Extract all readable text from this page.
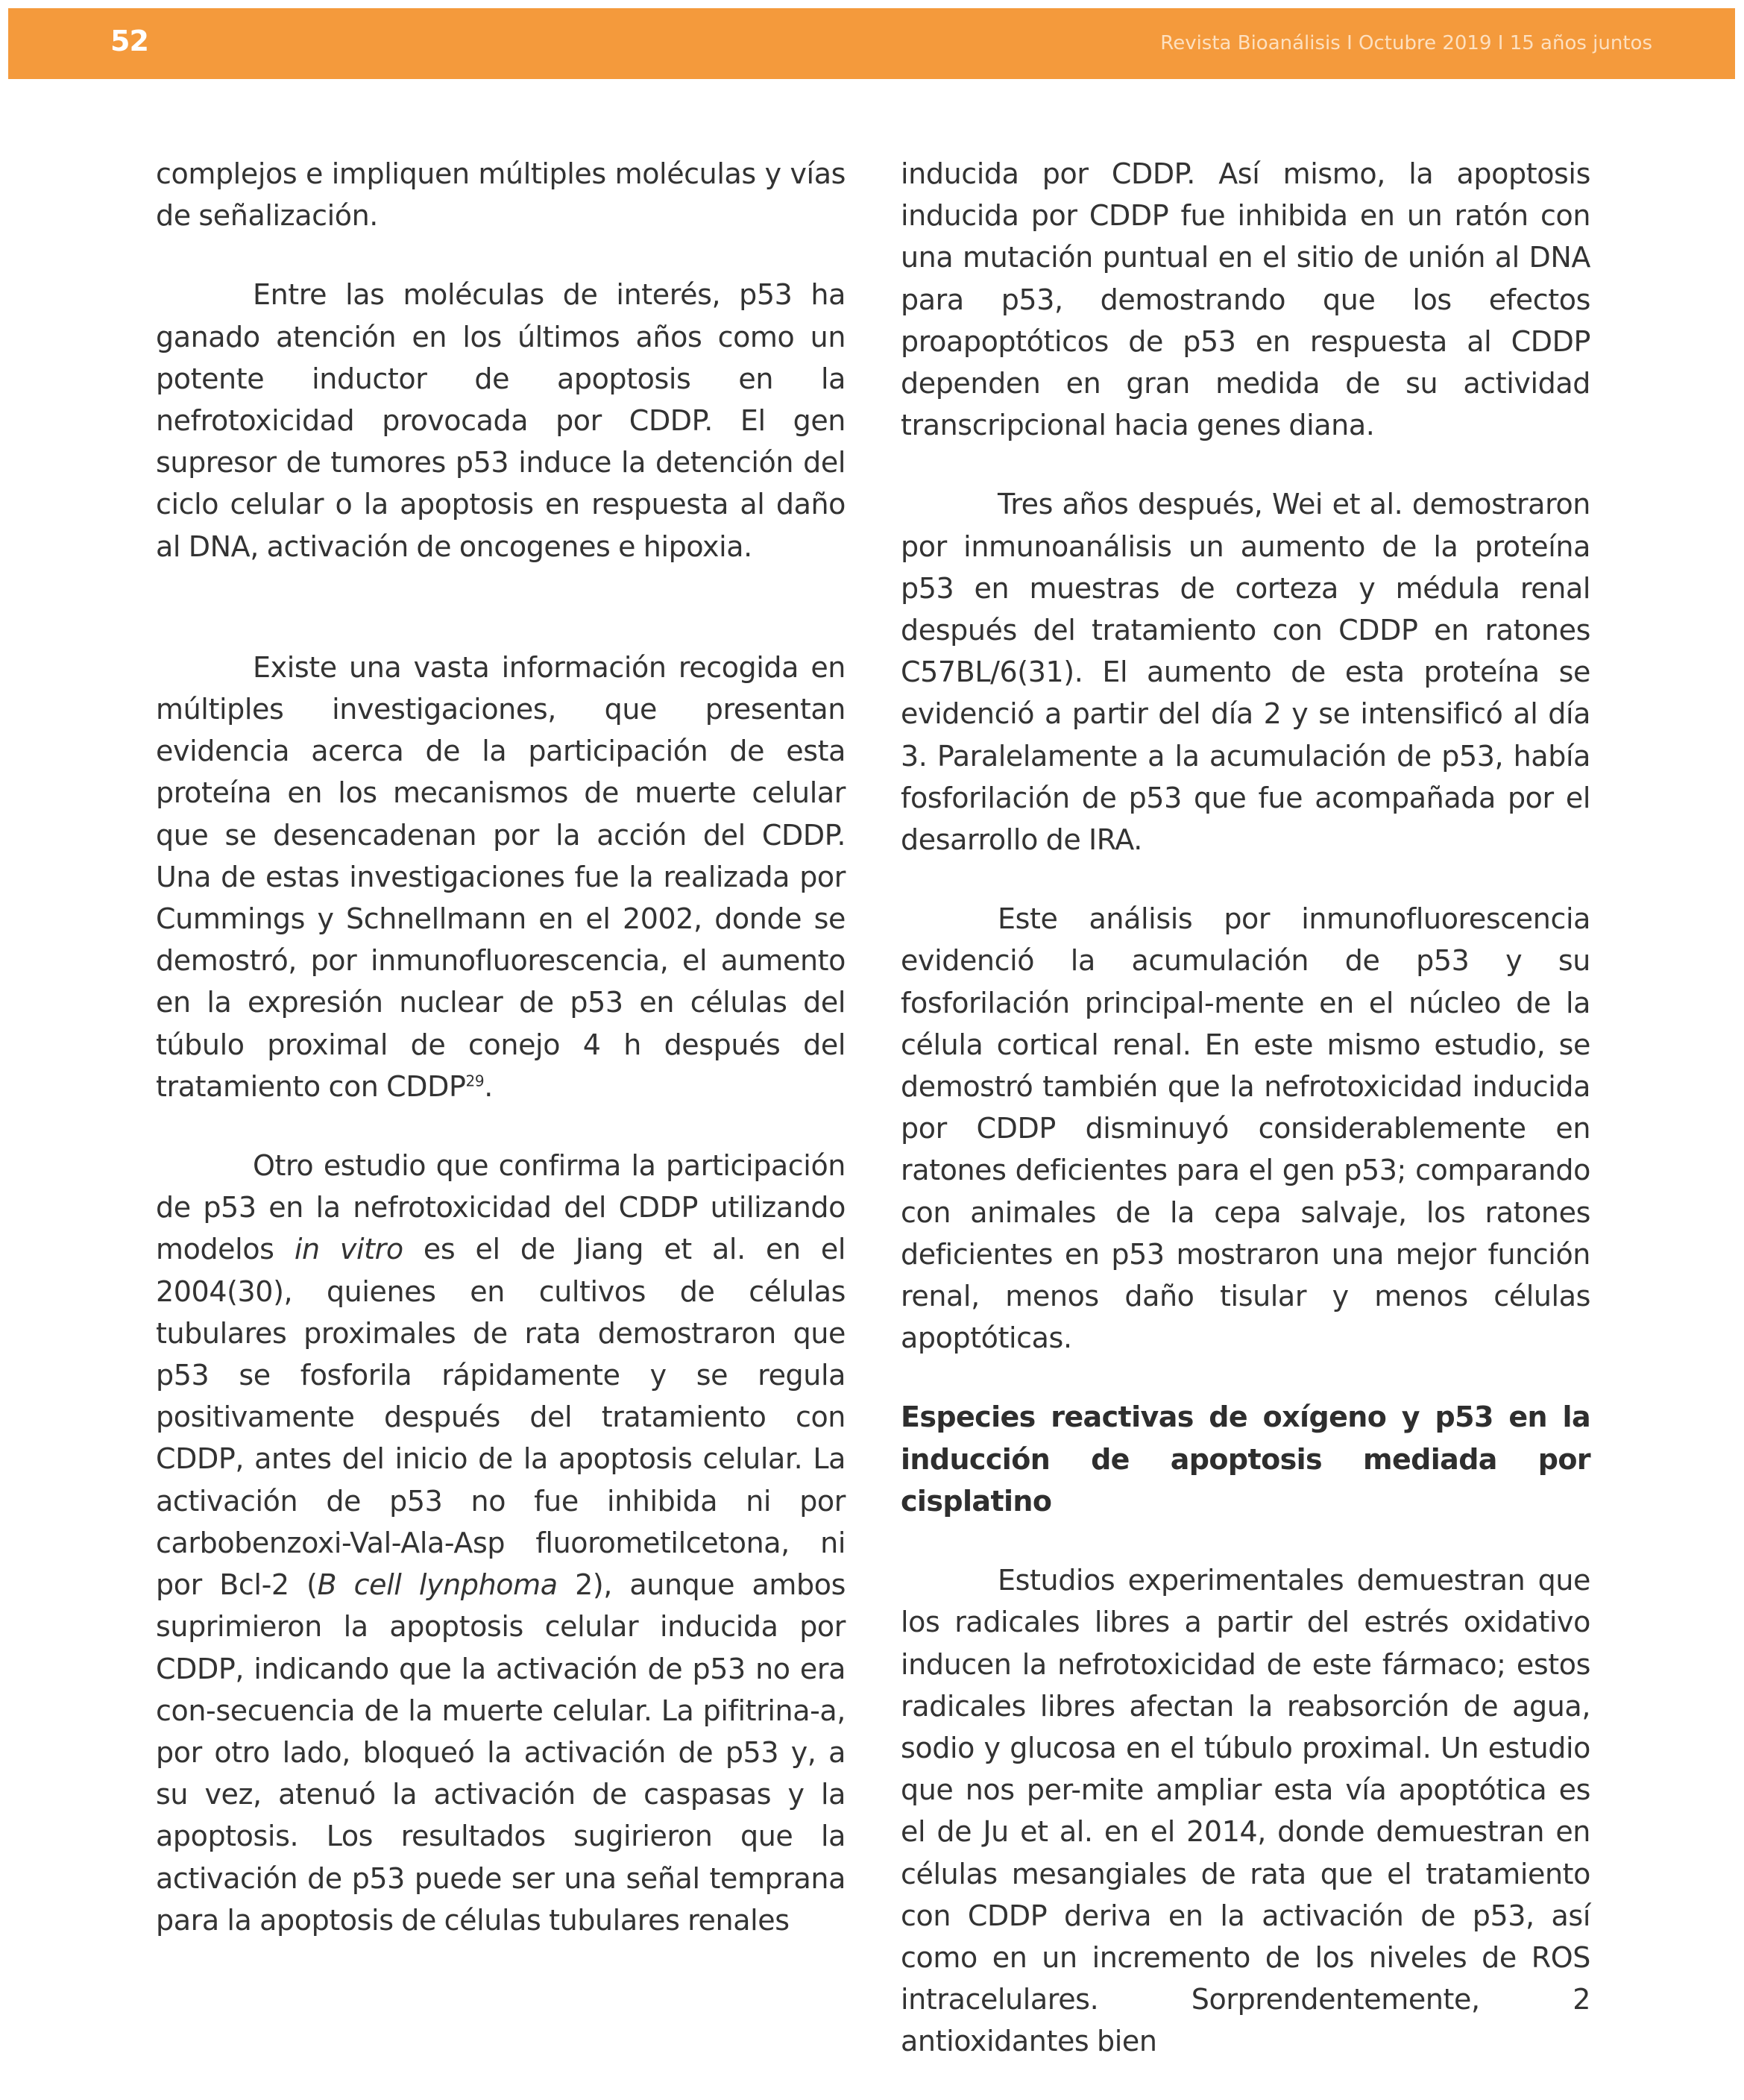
52	Revista Bioanálisis I Octubre 2019 I 15 años juntos

complejos e impliquen múltiples moléculas y vías de señalización.

Entre las moléculas de interés, p53 ha ganado atención en los últimos años como un potente inductor de apoptosis en la nefrotoxicidad provocada por CDDP. El gen supresor de tumores p53 induce la detención del ciclo celular o la apoptosis en respuesta al daño al DNA, activación de oncogenes e hipoxia.

Existe una vasta información recogida en múltiples investigaciones, que presentan evidencia acerca de la participación de esta proteína en los mecanismos de muerte celular que se desencadenan por la acción del CDDP. Una de estas investigaciones fue la realizada por Cummings y Schnellmann en el 2002, donde se demostró, por inmunofluorescencia, el aumento en la expresión nuclear de p53 en células del túbulo proximal de conejo 4 h después del tratamiento con CDDP$^{29}$.

Otro estudio que confirma la participación de p53 en la nefrotoxicidad del CDDP utilizando modelos in vitro es el de Jiang et al. en el 2004(30), quienes en cultivos de células tubulares proximales de rata demostraron que p53 se fosforila rápidamente y se regula positivamente después del tratamiento con CDDP, antes del inicio de la apoptosis celular. La activación de p53 no fue inhibida ni por carbobenzoxi-Val-Ala-Asp fluorometilcetona, ni por Bcl-2 (B cell lynphoma 2), aunque ambos suprimieron la apoptosis celular inducida por CDDP, indicando que la activación de p53 no era con-secuencia de la muerte celular. La pifitrina-a, por otro lado, bloqueó la activación de p53 y, a su vez, atenuó la activación de caspasas y la apoptosis. Los resultados sugirieron que la activación de p53 puede ser una señal temprana para la apoptosis de células tubulares renales

inducida por CDDP. Así mismo, la apoptosis inducida por CDDP fue inhibida en un ratón con una mutación puntual en el sitio de unión al DNA para p53, demostrando que los efectos proapoptóticos de p53 en respuesta al CDDP dependen en gran medida de su actividad transcripcional hacia genes diana.

Tres años después, Wei et al. demostraron por inmunoanálisis un aumento de la proteína p53 en muestras de corteza y médula renal después del tratamiento con CDDP en ratones C57BL/6(31). El aumento de esta proteína se evidenció a partir del día 2 y se intensificó al día 3. Paralelamente a la acumulación de p53, había fosforilación de p53 que fue acompañada por el desarrollo de IRA.

Este análisis por inmunofluorescencia evidenció la acumulación de p53 y su fosforilación principal-mente en el núcleo de la célula cortical renal. En este mismo estudio, se demostró también que la nefrotoxicidad inducida por CDDP disminuyó considerablemente en ratones deficientes para el gen p53; comparando con animales de la cepa salvaje, los ratones deficientes en p53 mostraron una mejor función renal, menos daño tisular y menos células apoptóticas.

Especies reactivas de oxígeno y p53 en la inducción de apoptosis mediada por cisplatino

Estudios experimentales demuestran que los radicales libres a partir del estrés oxidativo inducen la nefrotoxicidad de este fármaco; estos radicales libres afectan la reabsorción de agua, sodio y glucosa en el túbulo proximal. Un estudio que nos per-mite ampliar esta vía apoptótica es el de Ju et al. en el 2014, donde demuestran en células mesangiales de rata que el tratamiento con CDDP deriva en la activación de p53, así como en un incremento de los niveles de ROS intracelulares. Sorprendentemente, 2 antioxidantes bien
